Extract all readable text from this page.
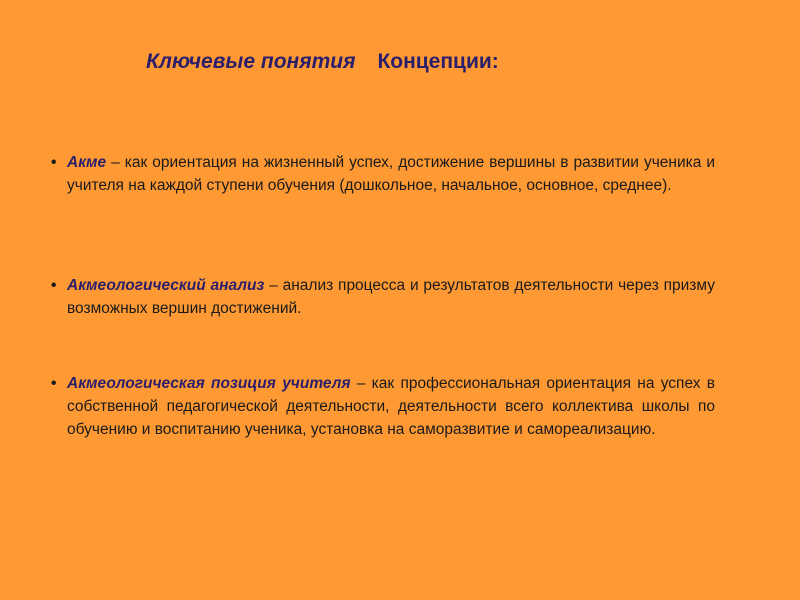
Ключевые понятия Концепции:
• Акме – как ориентация на жизненный успех, достижение вершины в развитии ученика и учителя на каждой ступени обучения (дошкольное, начальное, основное, среднее).
• Акмеологический анализ – анализ процесса и результатов деятельности через призму возможных вершин достижений.
• Акмеологическая позиция учителя – как профессиональная ориентация на успех в собственной педагогической деятельности, деятельности всего коллектива школы по обучению и воспитанию ученика, установка на саморазвитие и самореализацию.
